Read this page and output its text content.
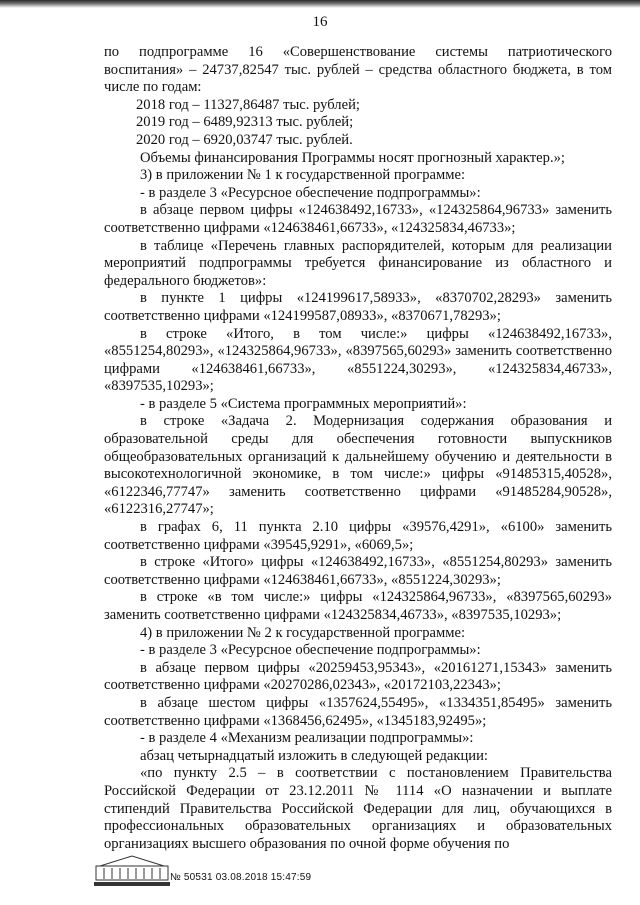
16

по подпрограмме 16 «Совершенствование системы патриотического воспитания» – 24737,82547 тыс. рублей – средства областного бюджета, в том числе по годам:

2018 год – 11327,86487 тыс. рублей;

2019 год – 6489,92313 тыс. рублей;

2020 год – 6920,03747 тыс. рублей.

Объемы финансирования Программы носят прогнозный характер.»;

3) в приложении № 1 к государственной программе:

- в разделе 3 «Ресурсное обеспечение подпрограммы»:

в абзаце первом цифры «124638492,16733», «124325864,96733» заменить соответственно цифрами «124638461,66733», «124325834,46733»;

в таблице «Перечень главных распорядителей, которым для реализации мероприятий подпрограммы требуется финансирование из областного и федерального бюджетов»:

в пункте 1 цифры «124199617,58933», «8370702,28293» заменить соответственно цифрами «124199587,08933», «8370671,78293»;

в строке «Итого, в том числе:» цифры «124638492,16733», «8551254,80293», «124325864,96733», «8397565,60293» заменить соответственно цифрами «124638461,66733», «8551224,30293», «124325834,46733», «8397535,10293»;

- в разделе 5 «Система программных мероприятий»:

в строке «Задача 2. Модернизация содержания образования и образовательной среды для обеспечения готовности выпускников общеобразовательных организаций к дальнейшему обучению и деятельности в высокотехнологичной экономике, в том числе:» цифры «91485315,40528», «6122346,77747» заменить соответственно цифрами «91485284,90528», «6122316,27747»;

в графах 6, 11 пункта 2.10 цифры «39576,4291», «6100» заменить соответственно цифрами «39545,9291», «6069,5»;

в строке «Итого» цифры «124638492,16733», «8551254,80293» заменить соответственно цифрами «124638461,66733», «8551224,30293»;

в строке «в том числе:» цифры «124325864,96733», «8397565,60293» заменить соответственно цифрами «124325834,46733», «8397535,10293»;

4) в приложении № 2 к государственной программе:

- в разделе 3 «Ресурсное обеспечение подпрограммы»:

в абзаце первом цифры «20259453,95343», «20161271,15343» заменить соответственно цифрами «20270286,02343», «20172103,22343»;

в абзаце шестом цифры «1357624,55495», «1334351,85495» заменить соответственно цифрами «1368456,62495», «1345183,92495»;

- в разделе 4 «Механизм реализации подпрограммы»:

абзац четырнадцатый изложить в следующей редакции:

«по пункту 2.5 – в соответствии с постановлением Правительства Российской Федерации от 23.12.2011 № 1114 «О назначении и выплате стипендий Правительства Российской Федерации для лиц, обучающихся в профессиональных образовательных организациях и образовательных организациях высшего образования по очной форме обучения по

№ 50531 03.08.2018 15:47:59
